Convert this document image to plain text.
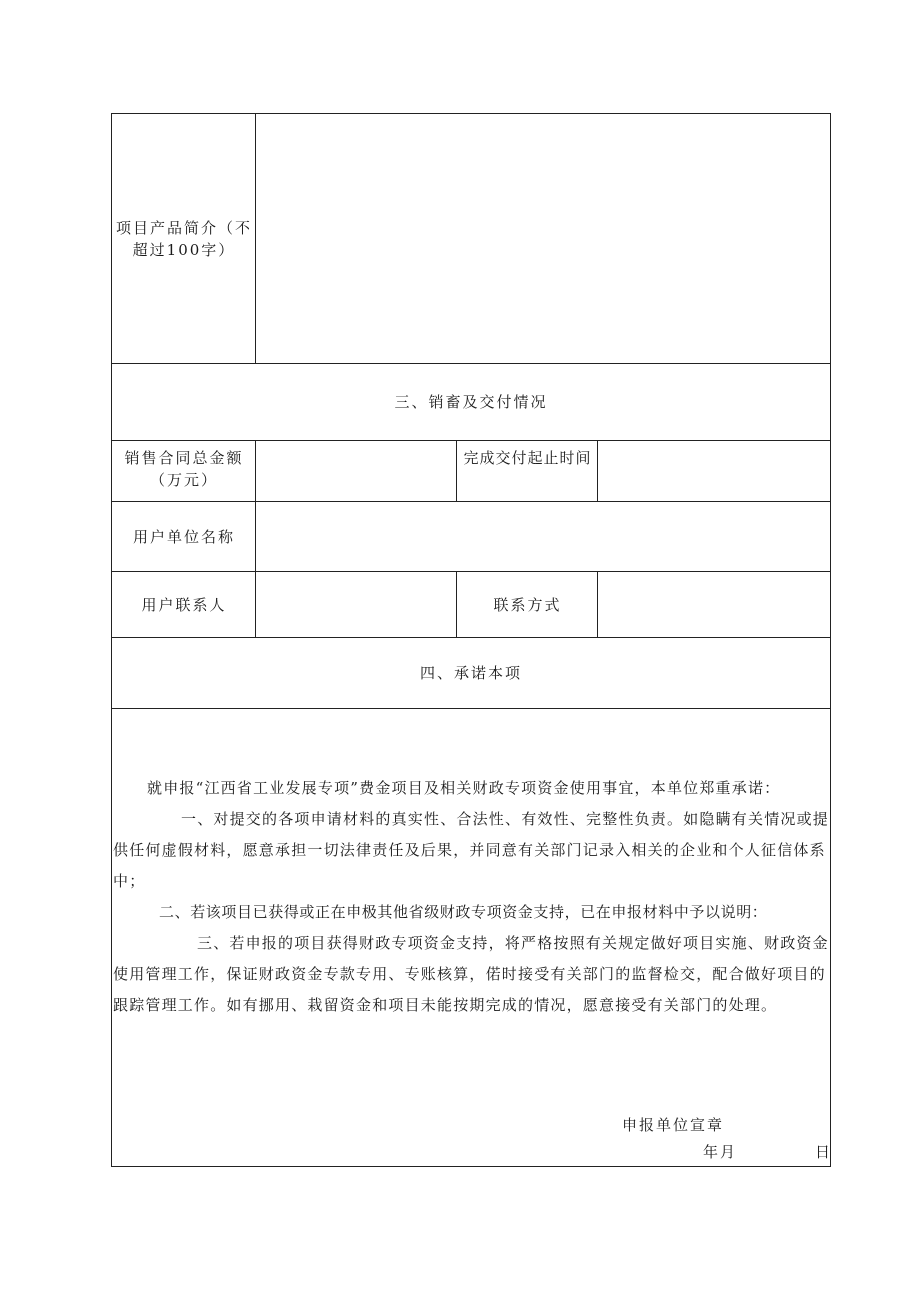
项目产品简介（不超过100字）
三、销畜及交付情况
销售合同总金额（万元）
完成交付起止时间
用户单位名称
用户联系人	联系方式
四、承诺本项

就申报“江西省工业发展专项”费金项目及相关财政专项资金使用事宜，本单位郑重承诺：

一、对提交的各项申请材料的真实性、合法性、有效性、完整性负责。如隐瞒有关情况或提供任何虚假材料，愿意承担一切法律责任及后果，并同意有关部门记录入相关的企业和个人征信体系中；

二、若该项目已获得或正在申极其他省级财政专项资金支持，已在申报材料中予以说明：

三、若申报的项目获得财政专项资金支持，将严格按照有关规定做好项目实施、财政资金使用管理工作，保证财政资金专款专用、专账核算，偌时接受有关部门的监督检交，配合做好项目的跟踪管理工作。如有挪用、栽留资金和项目未能按期完成的情况，愿意接受有关部门的处理。

申报单位宣章
年月	日
